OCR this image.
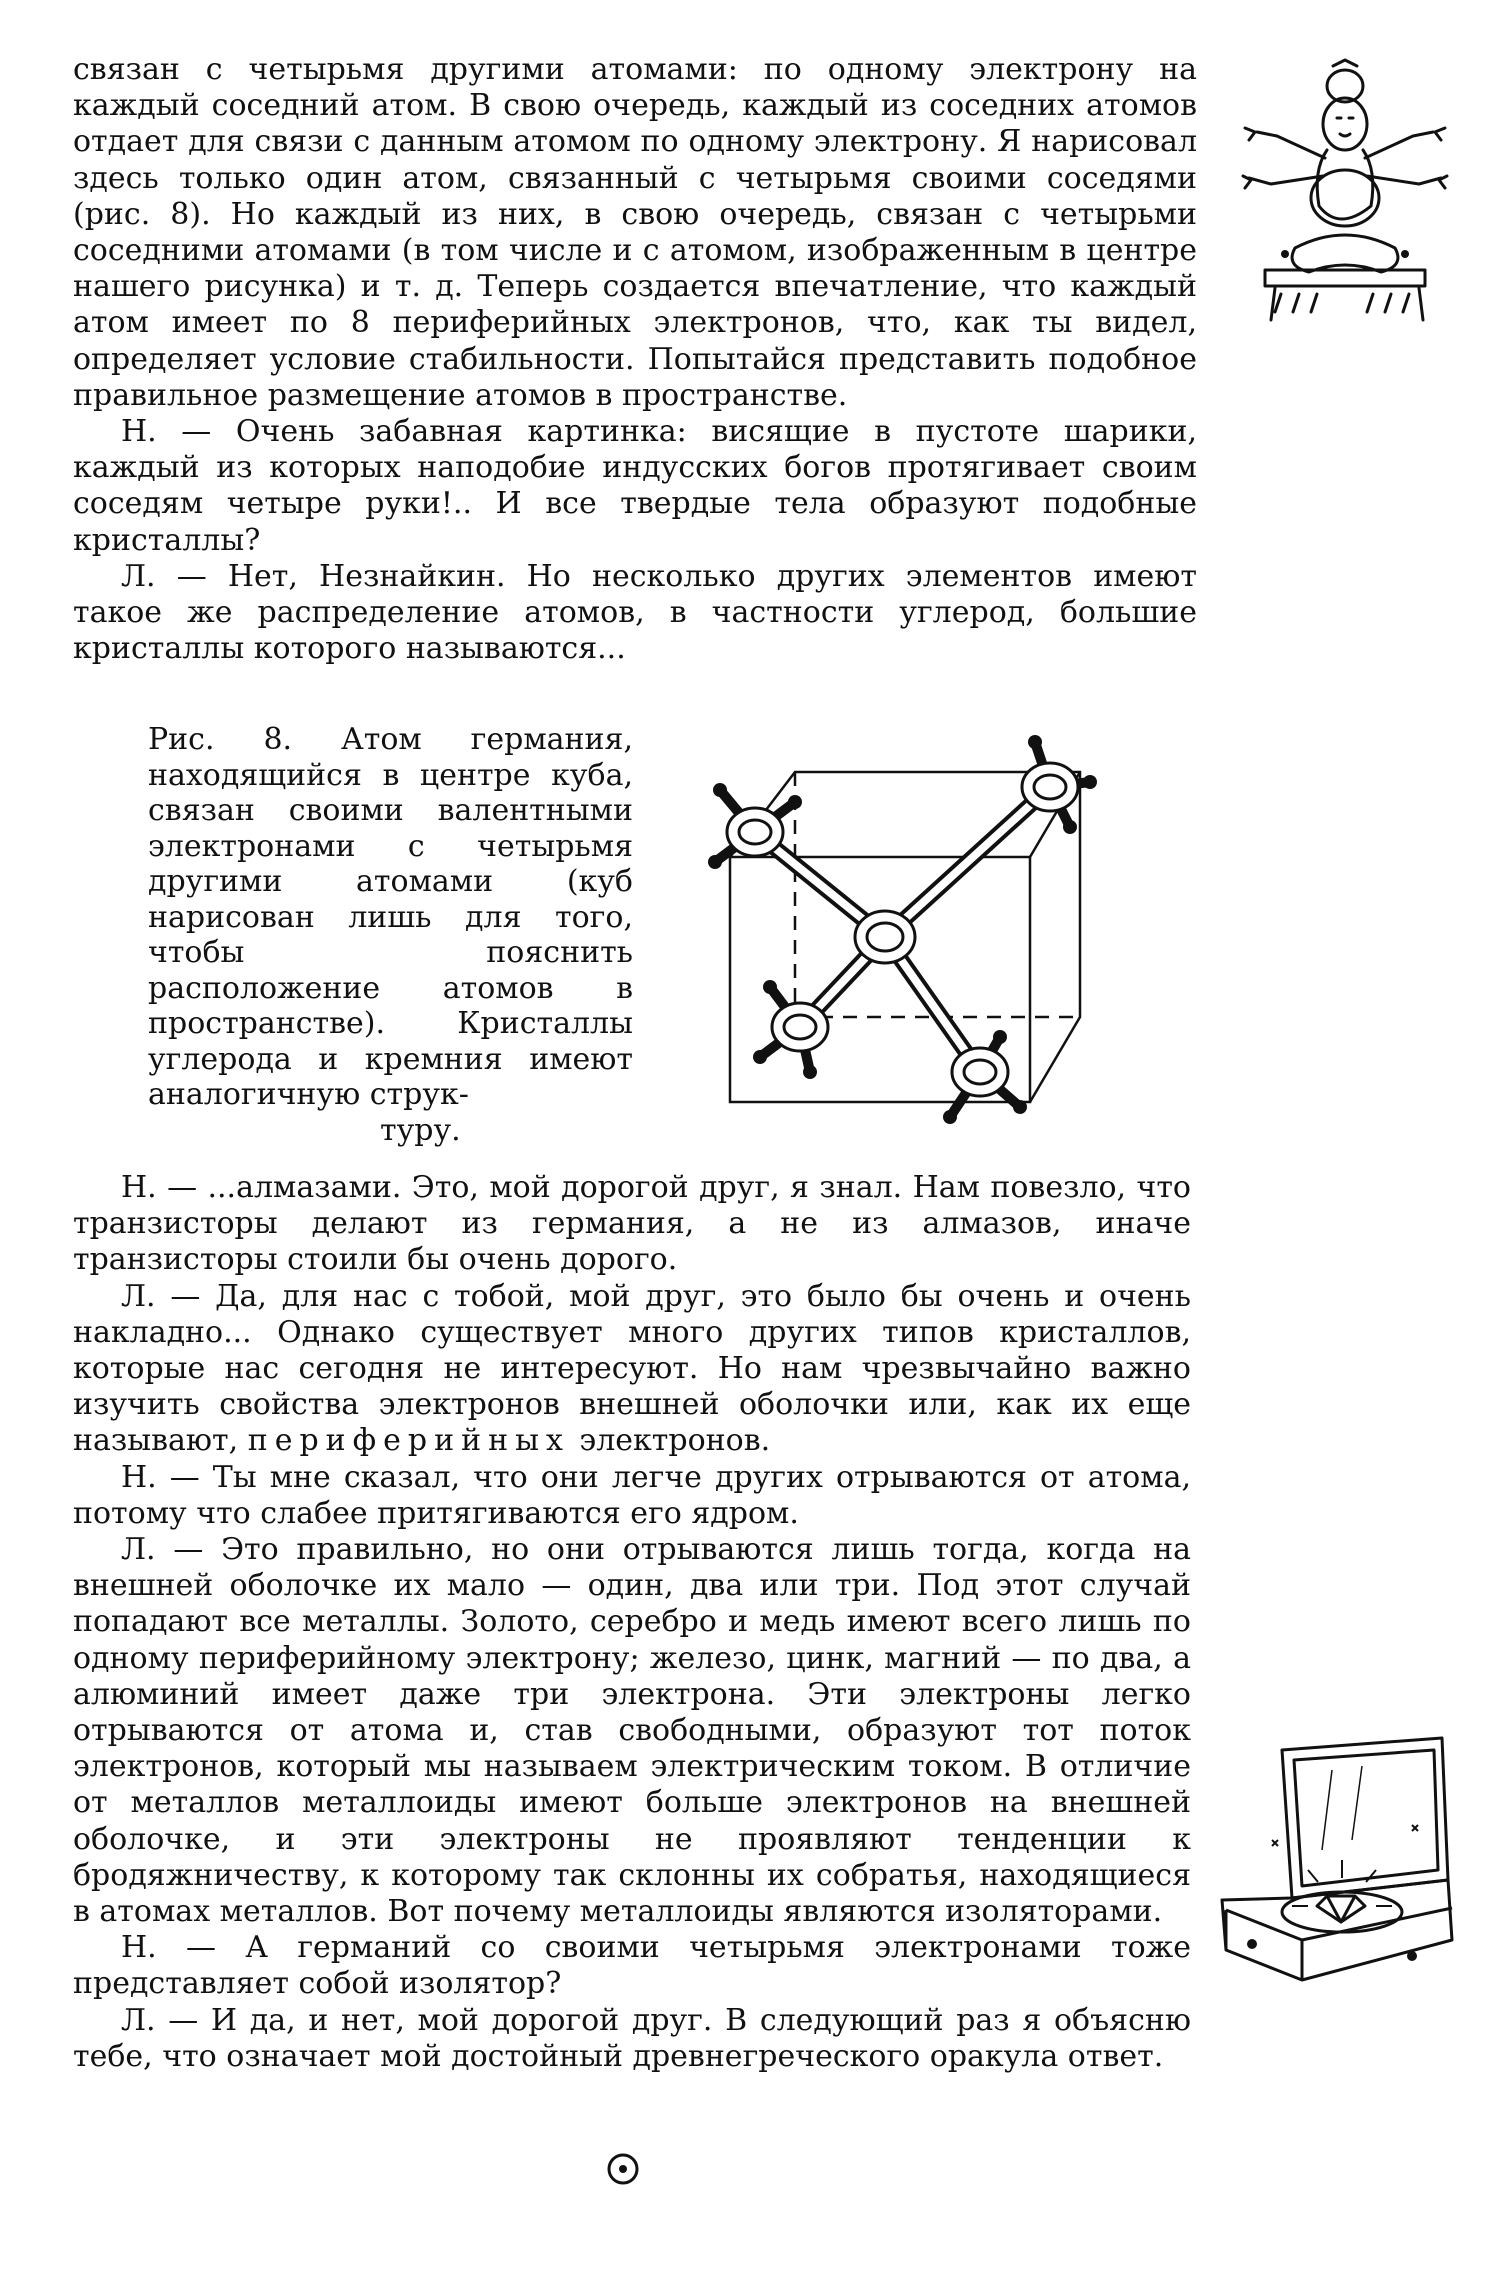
связан с четырьмя другими атомами: по одному электрону на каждый соседний атом. В свою очередь, каждый из соседних атомов отдает для связи с данным атомом по одному электрону. Я нарисовал здесь только один атом, связанный с четырьмя своими соседями (рис. 8). Но каждый из них, в свою очередь, связан с четырьми соседними атомами (в том числе и с атомом, изображенным в центре нашего рисунка) и т. д. Теперь создается впечатление, что каждый атом имеет по 8 периферийных электронов, что, как ты видел, определяет условие стабильности. Попытайся представить подобное правильное размещение атомов в пространстве.

Н. — Очень забавная картинка: висящие в пустоте шарики, каждый из которых наподобие индусских богов протягивает своим соседям четыре руки!.. И все твердые тела образуют подобные кристаллы?

Л. — Нет, Незнайкин. Но несколько других элементов имеют такое же распределение атомов, в частности углерод, большие кристаллы которого называются...

Рис. 8. Атом германия, находящийся в центре куба, связан своими валентными электронами с четырьмя другими атомами (куб нарисован лишь для того, чтобы пояснить расположение атомов в пространстве). Кристаллы углерода и кремния имеют аналогичную струк-
туру.

Н. — ...алмазами. Это, мой дорогой друг, я знал. Нам повезло, что транзисторы делают из германия, а не из алмазов, иначе транзисторы стоили бы очень дорого.

Л. — Да, для нас с тобой, мой друг, это было бы очень и очень накладно... Однако существует много других типов кристаллов, которые нас сегодня не интересуют. Но нам чрезвычайно важно изучить свойства электронов внешней оболочки или, как их еще называют, периферийных электронов.

Н. — Ты мне сказал, что они легче других отрываются от атома, потому что слабее притягиваются его ядром.

Л. — Это правильно, но они отрываются лишь тогда, когда на внешней оболочке их мало — один, два или три. Под этот случай попадают все металлы. Золото, серебро и медь имеют всего лишь по одному периферийному электрону; железо, цинк, магний — по два, а алюминий имеет даже три электрона. Эти электроны легко отрываются от атома и, став свободными, образуют тот поток электронов, который мы называем электрическим током. В отличие от металлов металлоиды имеют больше электронов на внешней оболочке, и эти электроны не проявляют тенденции к бродяжничеству, к которому так склонны их собратья, находящиеся в атомах металлов. Вот почему металлоиды являются изоляторами.

Н. — А германий со своими четырьмя электронами тоже представляет собой изолятор?

Л. — И да, и нет, мой дорогой друг. В следующий раз я объясню тебе, что означает мой достойный древнегреческого оракула ответ.
